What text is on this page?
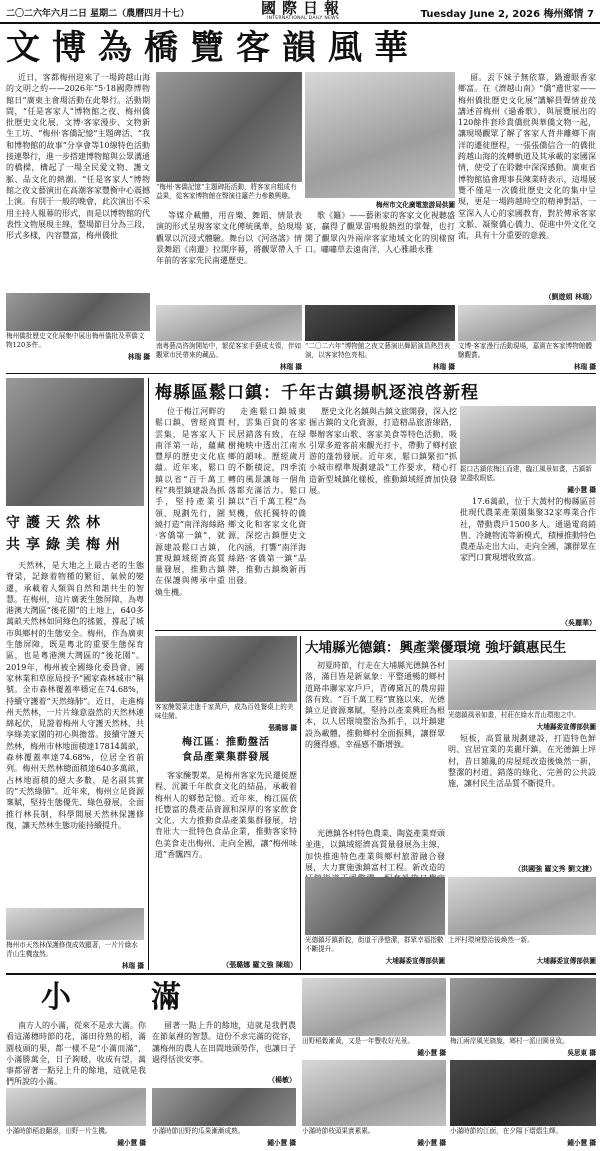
二〇二六年六月二日 星期二（農曆四月十七）	國際日報
INTERNATIONAL DAILY NEWS	Tuesday June 2, 2026 梅州鄉情 7
文博為橋覽客韻風華

近日，客都梅州迎來了一場跨越山海的文明之約——2026年“5·18國際博物館日”廣東主會場活動在此舉行。活動期間，“任是客家人”博物館之夜、梅州僑批歷史文化展、文博·客家漫步、文物新生工坊、“梅州·客僑記憶”主題碑活、“我和博物館的故事”分享會等10線特色活動接連舉行，進一步搭建博物館與公眾溝通的橋樑，構起了一場全民愛文物、護文脈、品文化的熱潮。“任是客家人”博物館之夜文藝演出在高潮客家豐衡中心震撼上演。有別于一般的晚會，此次演出不采用主持人報幕的形式，而是以博物館的代表性文物展現主線，整場節目分為三段，形式多樣，內容豐富，梅州僑批

“梅州·客僑記憶”主題碑拓活動，將客家自粗成有益果，從客家博物館在聲演往籬芒力參數興趣。
梅州市文化廣電旅游局供圖

留。丟下妹子無依靠，鍋邊眼香家鄉富。在《濟越山南》“僑”遺世家——梅州僑批歷史文化展”講解員聲情並茂講述首梅州《過番歌》，與展覽展出的120餘件套珍貴僑批與華僑文物一起，讓現場觀眾了解了客家人背井離鄉下南洋的遷徙歷程，一張張僑信合一的僑批跨越山海的流轉軌道及其承載的家國深情，使受了在聆聽中深深感動。廣東省博物館協會理事長陳業時表示，這場展覽不僅是一次僑批歷史文化的集中呈現，更是一場跨越時空的精神對話，一堂深入人心的家國教育，對於傳承客家文脈、凝聚僑心僑力、促進中外文化交流，具有十分重要的意義。

（劉遊娟 林瑞）

等媒介載體，用音樂、舞蹈、情景表演的形式呈現客家文化傳統風華，給現場觀眾以沉浸式體驗。舞台以《河洛謠》情景舞蹈《南遷》拉開序幕，將觀眾帶入千年前的客家先民南遷歷史。

歌《籬》——藝術家的客家文化視聽盛宴，贏得了觀眾雷鳴般熱烈的掌聲，也打開了觀眾內外兩岸客家地域文化的別樣窗口。嘯嘯草去遠南洋，人心雅韻永雅

梅州僑批歷史文化展集中展出梅州僑批及華僑文物120多件。
林瑞 攝
南粵藝高咨詢開始中，繁從客家手藝成太領，伴如觀眾市民帶來的藏品。
林瑞 攝
“二〇二六年”博物館之夜文藝演出舞蹈演員熱烈表演，以客家特色亮相。
林瑞 攝
文博·客家漫行活動現場，嘉賓在客家博物館體驗觀賞。
林瑞 攝
守護天然林
共享綠美梅州

天然林，是大地之上最古老的生態脊梁，記錄着物種的繁衍、氣候的變遷，承載着人類與自然和諧共生的智慧。在梅州，這片廣袤生態屏障，為粵港澳大灣區“後花園”的土地上，640多萬畝天然林如同綠色的搖籃，撐起了城市與鄉村的生態安全。梅州，作為廣東生態屏障，既是粵北的重要生態保育區，也是粵港澳大灣區的“後花園”。2019年，梅州被全國綠化委員會、國家林業和草原局授予“國家森林城市”稱號。全市森林覆蓋率穩定在74.68%，持續守護着“天然綠肺”。近日，走進梅州天然林，一片片綠意盎然的天然林連綿起伏，見證着梅州人守護天然林、共享綠美家園的初心與擔當。接續守護天然林，梅州市林地面積達17814萬畝，森林覆蓋率達74.68%，位居全省前列。梅州天然林總面積達640多萬畝，占林地面積的絕大多數，是名副其實的“天然綠肺”。近年來，梅州立足資源稟賦，堅持生態優先、綠色發展，全面推行林長制，科學開展天然林保護修復，讓天然林生態功能持續提升。

梅州市天然林保護修復成效顯著，一片片綠水青山生機盎然。
林瑞 攝
梅縣區鬆口鎮：千年古鎮揚帆逐浪啓新程

位于梅江河畔的鬆口鎮，曾經商賈雲集，是客家人下南洋第一站，蘊藏豐厚的歷史文化底蘊。近年來，鬆口鎮以省“百千萬工程”典型鎮建設為抓手，堅持產業引領、規劃先行，圍繞打造“南洋海絲路·客僑第一鎮”，就源建設鬆口古鎮，實現鎮域經濟高質量發展，推動古鎮在保護與傳承中重煥生機。

走進鬆口鎮城東村，雲集百貨的客家民居錯落有致，在绿樹掩映中透出江南水鄉的韻味。歷經歲月的不斷積淀，四季流轉的風景讓每一個角落都充滿活力。鬆口鎮以“百千萬工程”為契機，依托獨特的僑鄉文化和客家文化資源，深挖古鎮歷史文化內涵，打響“南洋海絲路·客僑第一鎮”品牌，推動古鎮煥新再出發。

歷史文化名鎮與古鎮文旅開發，深入挖掘古鎮的文化資源，打造精品旅游線路，舉辦客家山歌、客家美食等特色活動，吸引眾多遊客前來觀光打卡，帶動了鄉村旅游的蓬勃發展。近年來，鬆口鎮緊扣“抓小城市標準規劃建設”工作要求，精心打造新型城鎮化樣板，推動鎮域經濟加快發展。

鬆口古鎮依梅江而建，臨江風景如畫，古鎮新貌盡收眼底。
鍾小慧 攝

17.6萬畝，位于大黃村的梅縣區首批現代農業產業園集聚32家專業合作社，帶動農戶1500多人。通過電商銷售、冷鏈物流等新模式，積極推動特色農產品走出大山、走向全國，讓群眾在家門口實現增收致富。

（吳麗華）
客家醃製菜走進千家萬戶，成為百姓餐桌上的美味佳餚。
張璐娜 攝
梅江區：推動盤活
食品產業集群發展

客家醃製菜，是梅州客家先民遷徙歷程、沉澱千年飲食文化的結晶，承載着梅州人的鄉愁記憶。近年來，梅江區依托豐富的農產品資源和深厚的客家飲食文化，大力推動食品產業集群發展，培育壯大一批特色食品企業，推動客家特色美食走出梅州、走向全國，讓“梅州味道”香飄四方。

（張璐娜 羅文強 陳瑞）
大埔縣光德鎮：興產業優環境 強圩鎮惠民生

初夏時節，行走在大埔縣光德鎮各村落，滿目皆是新氣象：平整通暢的鄉村道路串聯家家戶戶，青磚黛瓦的農房錯落有致。“百千萬工程”實施以來，光德鎮立足資源稟賦，堅持以產業興旺為根本，以人居環境整治為抓手，以圩鎮建設為載體，推動鄉村全面振興，讓群眾的獲得感、幸福感不斷增強。

光德鎮風景如畫，村莊在綠水青山環抱之中。
大埔縣委宣傳部供圖

短板，高質量規劃建設，打造特色鮮明、宜居宜業的美麗圩鎮。在光德鎮上坪村，昔日雜亂的房屋經改造後煥然一新，整潔的村道、錯落的綠化、完善的公共設施，讓村民生活品質不斷提升。

（洪國強 羅文秀 劉文捷）

光德鎮各村特色農業、陶瓷產業齊頭並進，以鎮域經濟高質量發展為主線，加快推進特色產業與鄉村旅游融合發展，大力實施強鎮富村工程。新改造的

光德鎮圩鎮新貌，街道干淨整潔，群眾幸福指數不斷提升。
大埔縣委宣傳部供圖
上坪村環境整治後煥然一新。
大埔縣委宣傳部供圖
小滿

南方人的小滿，從來不是求大滿。你看這滿穗時節的花，滿田待熟的稻，滿園枝頭的果，都一樣不是“小滿而滿”，小滿勝萬全，日子夠暖，收成有望，萬事都留著一點兒上升的餘地，這就是我們所說的小滿。

留著一點上升的餘地，這就是我們農在節氣裡的智慧。這份不求完滿的從容，讓梅州的農人在田間地頭勞作，也讓日子過得恬淡安寧。

（楊敏）
田野稻穀漸黃，又是一年豐收好光景。
鍾小慧 攝
梅江兩岸風光旖旎，鄉村一派田園景致。
吳思東 攝
小滿時節稻浪翻滾，田野一片生機。
鍾小慧 攝
小滿時節田野的瓜果漸漸成熟。
鍾小慧 攝
小滿時節枝頭果實累累。
鍾小慧 攝
小滿時節的江面，在夕陽下熠熠生輝。
鍾小慧 攝
